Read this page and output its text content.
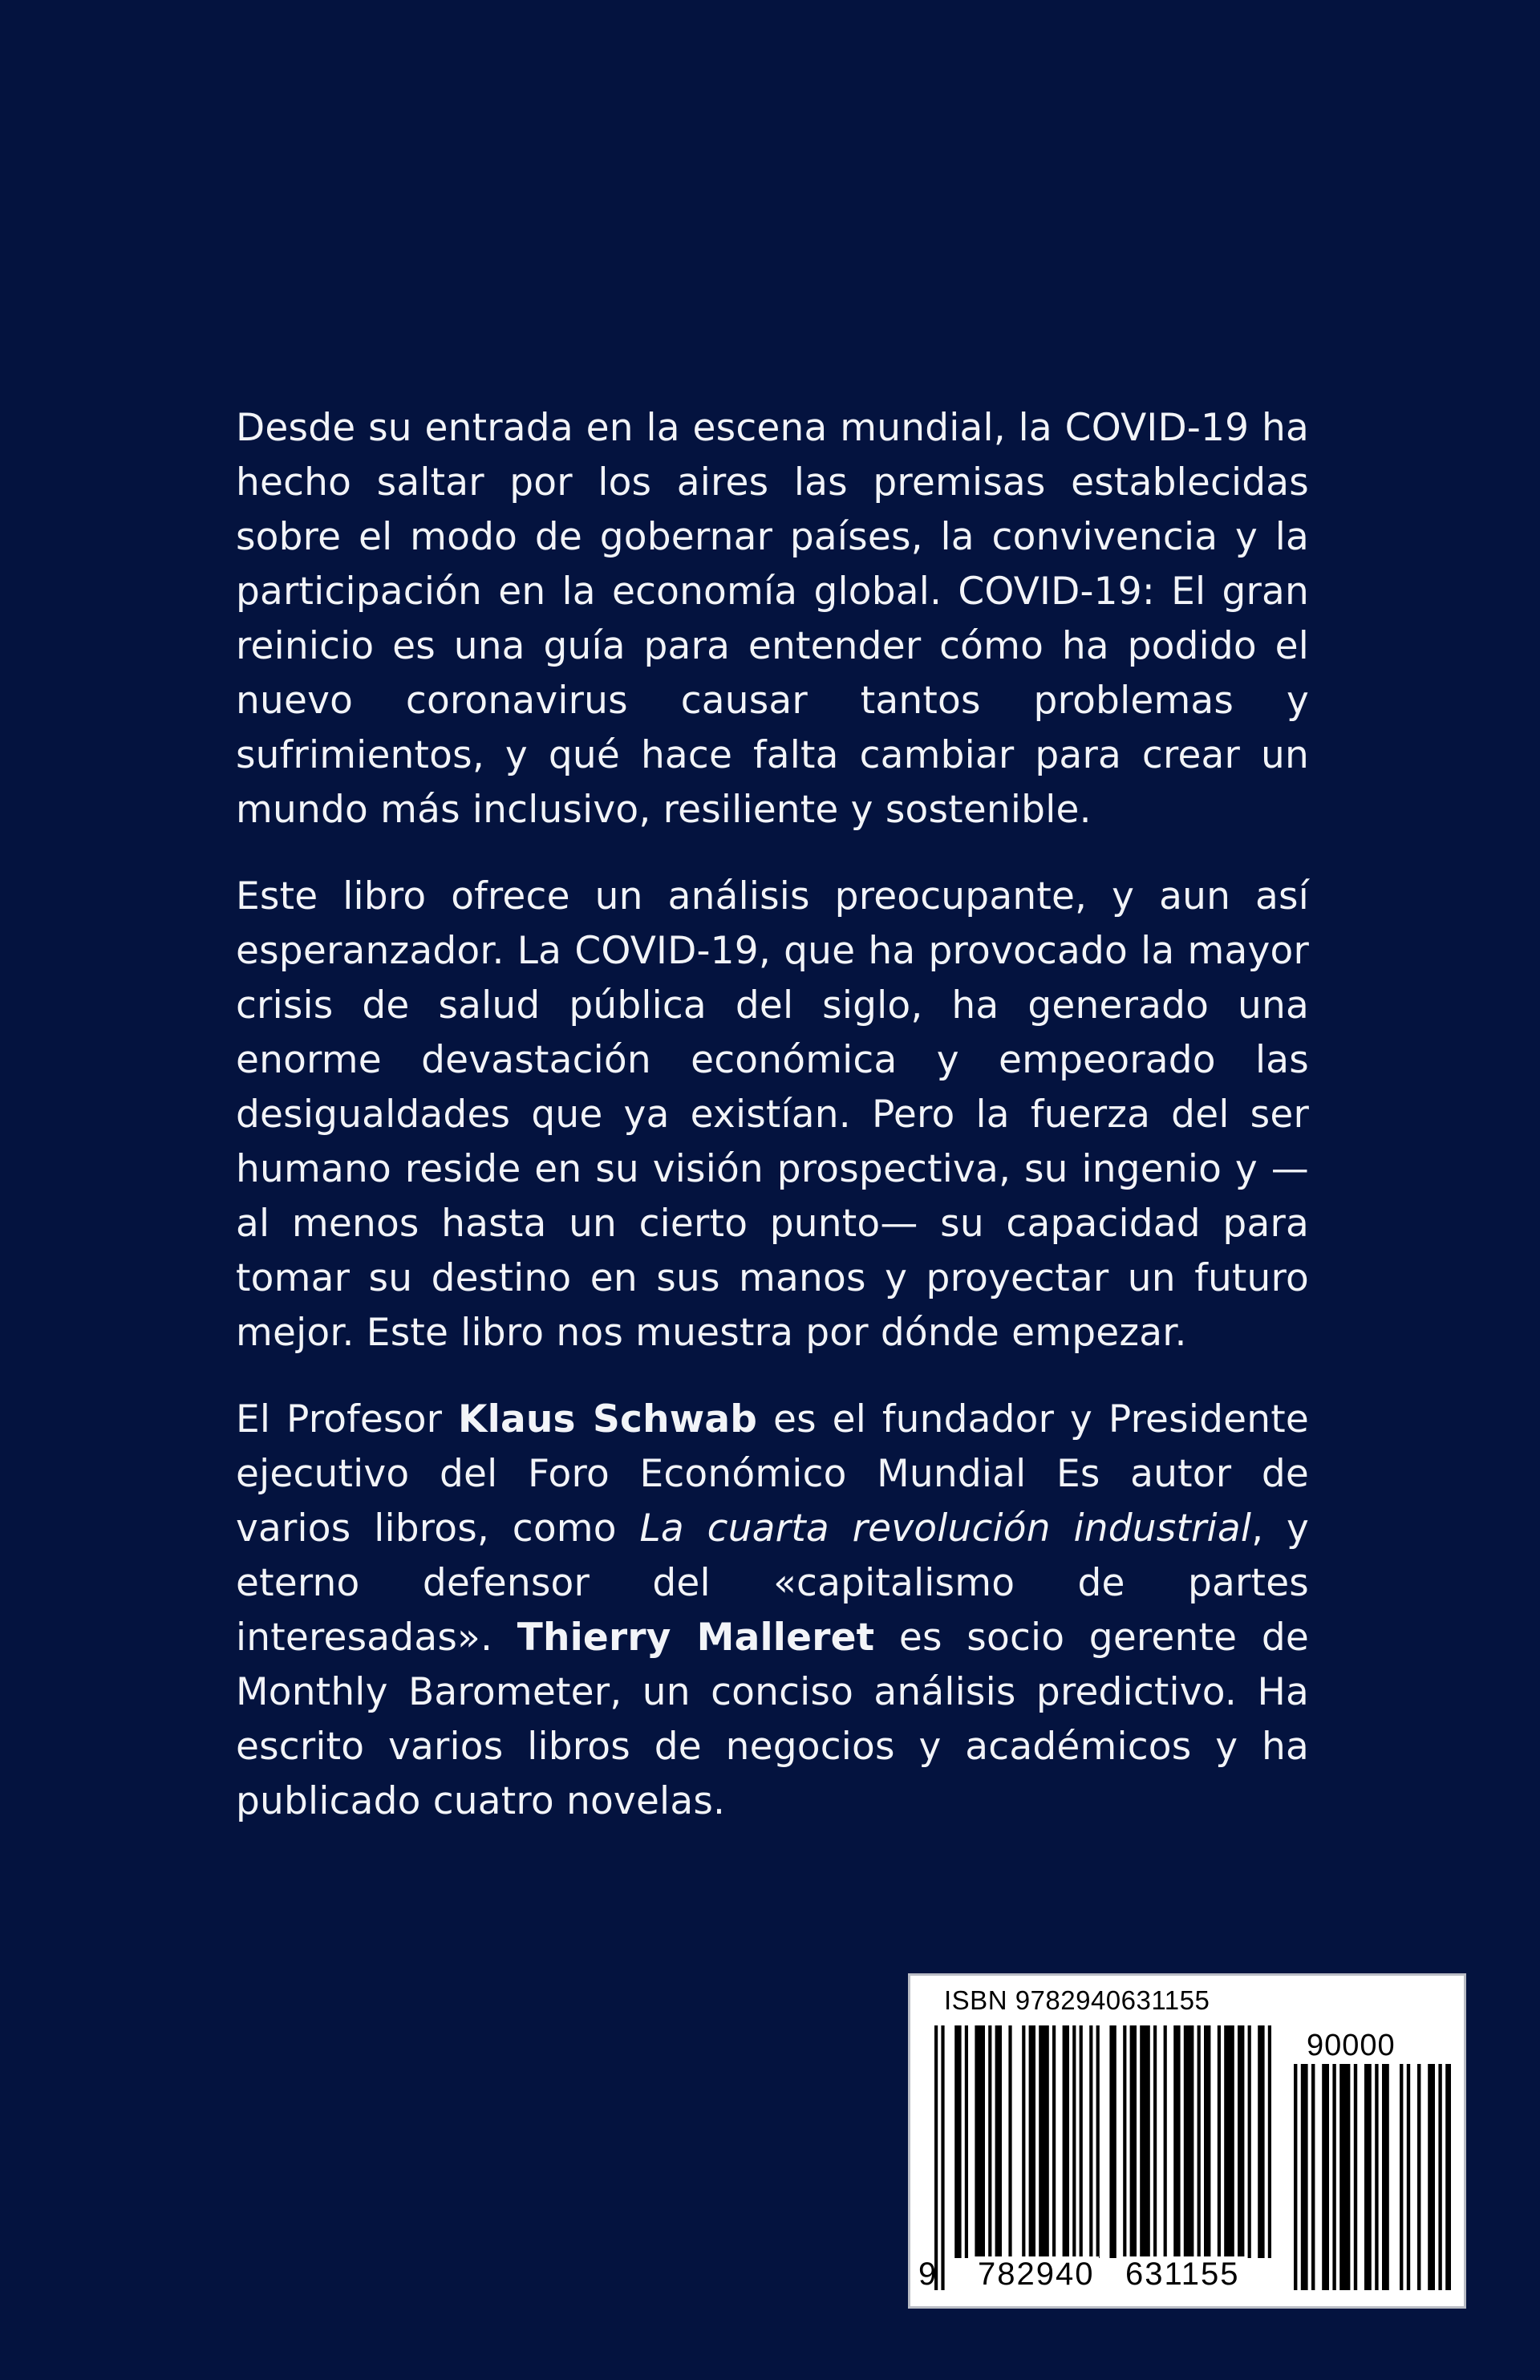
Desde su entrada en la escena mundial, la COVID-19 ha hecho saltar por los aires las premisas establecidas sobre el modo de gobernar países, la convivencia y la participación en la economía global. COVID-19: El gran reinicio es una guía para entender cómo ha podido el nuevo coronavirus causar tantos problemas y sufrimientos, y qué hace falta cambiar para crear un mundo más inclusivo, resiliente y sostenible.

Este libro ofrece un análisis preocupante, y aun así esperanzador. La COVID-19, que ha provocado la mayor crisis de salud pública del siglo, ha generado una enorme devastación económica y empeorado las desigualdades que ya existían. Pero la fuerza del ser humano reside en su visión prospectiva, su ingenio y —al menos hasta un cierto punto— su capacidad para tomar su destino en sus manos y proyectar un futuro mejor. Este libro nos muestra por dónde empezar.

El Profesor Klaus Schwab es el fundador y Presidente ejecutivo del Foro Económico Mundial Es autor de varios libros, como La cuarta revolución industrial, y eterno defensor del «capitalismo de partes interesadas». Thierry Malleret es socio gerente de Monthly Barometer, un conciso análisis predictivo. Ha escrito varios libros de negocios y académicos y ha publicado cuatro novelas.

ISBN 9782940631155
90000
9 782940 631155
